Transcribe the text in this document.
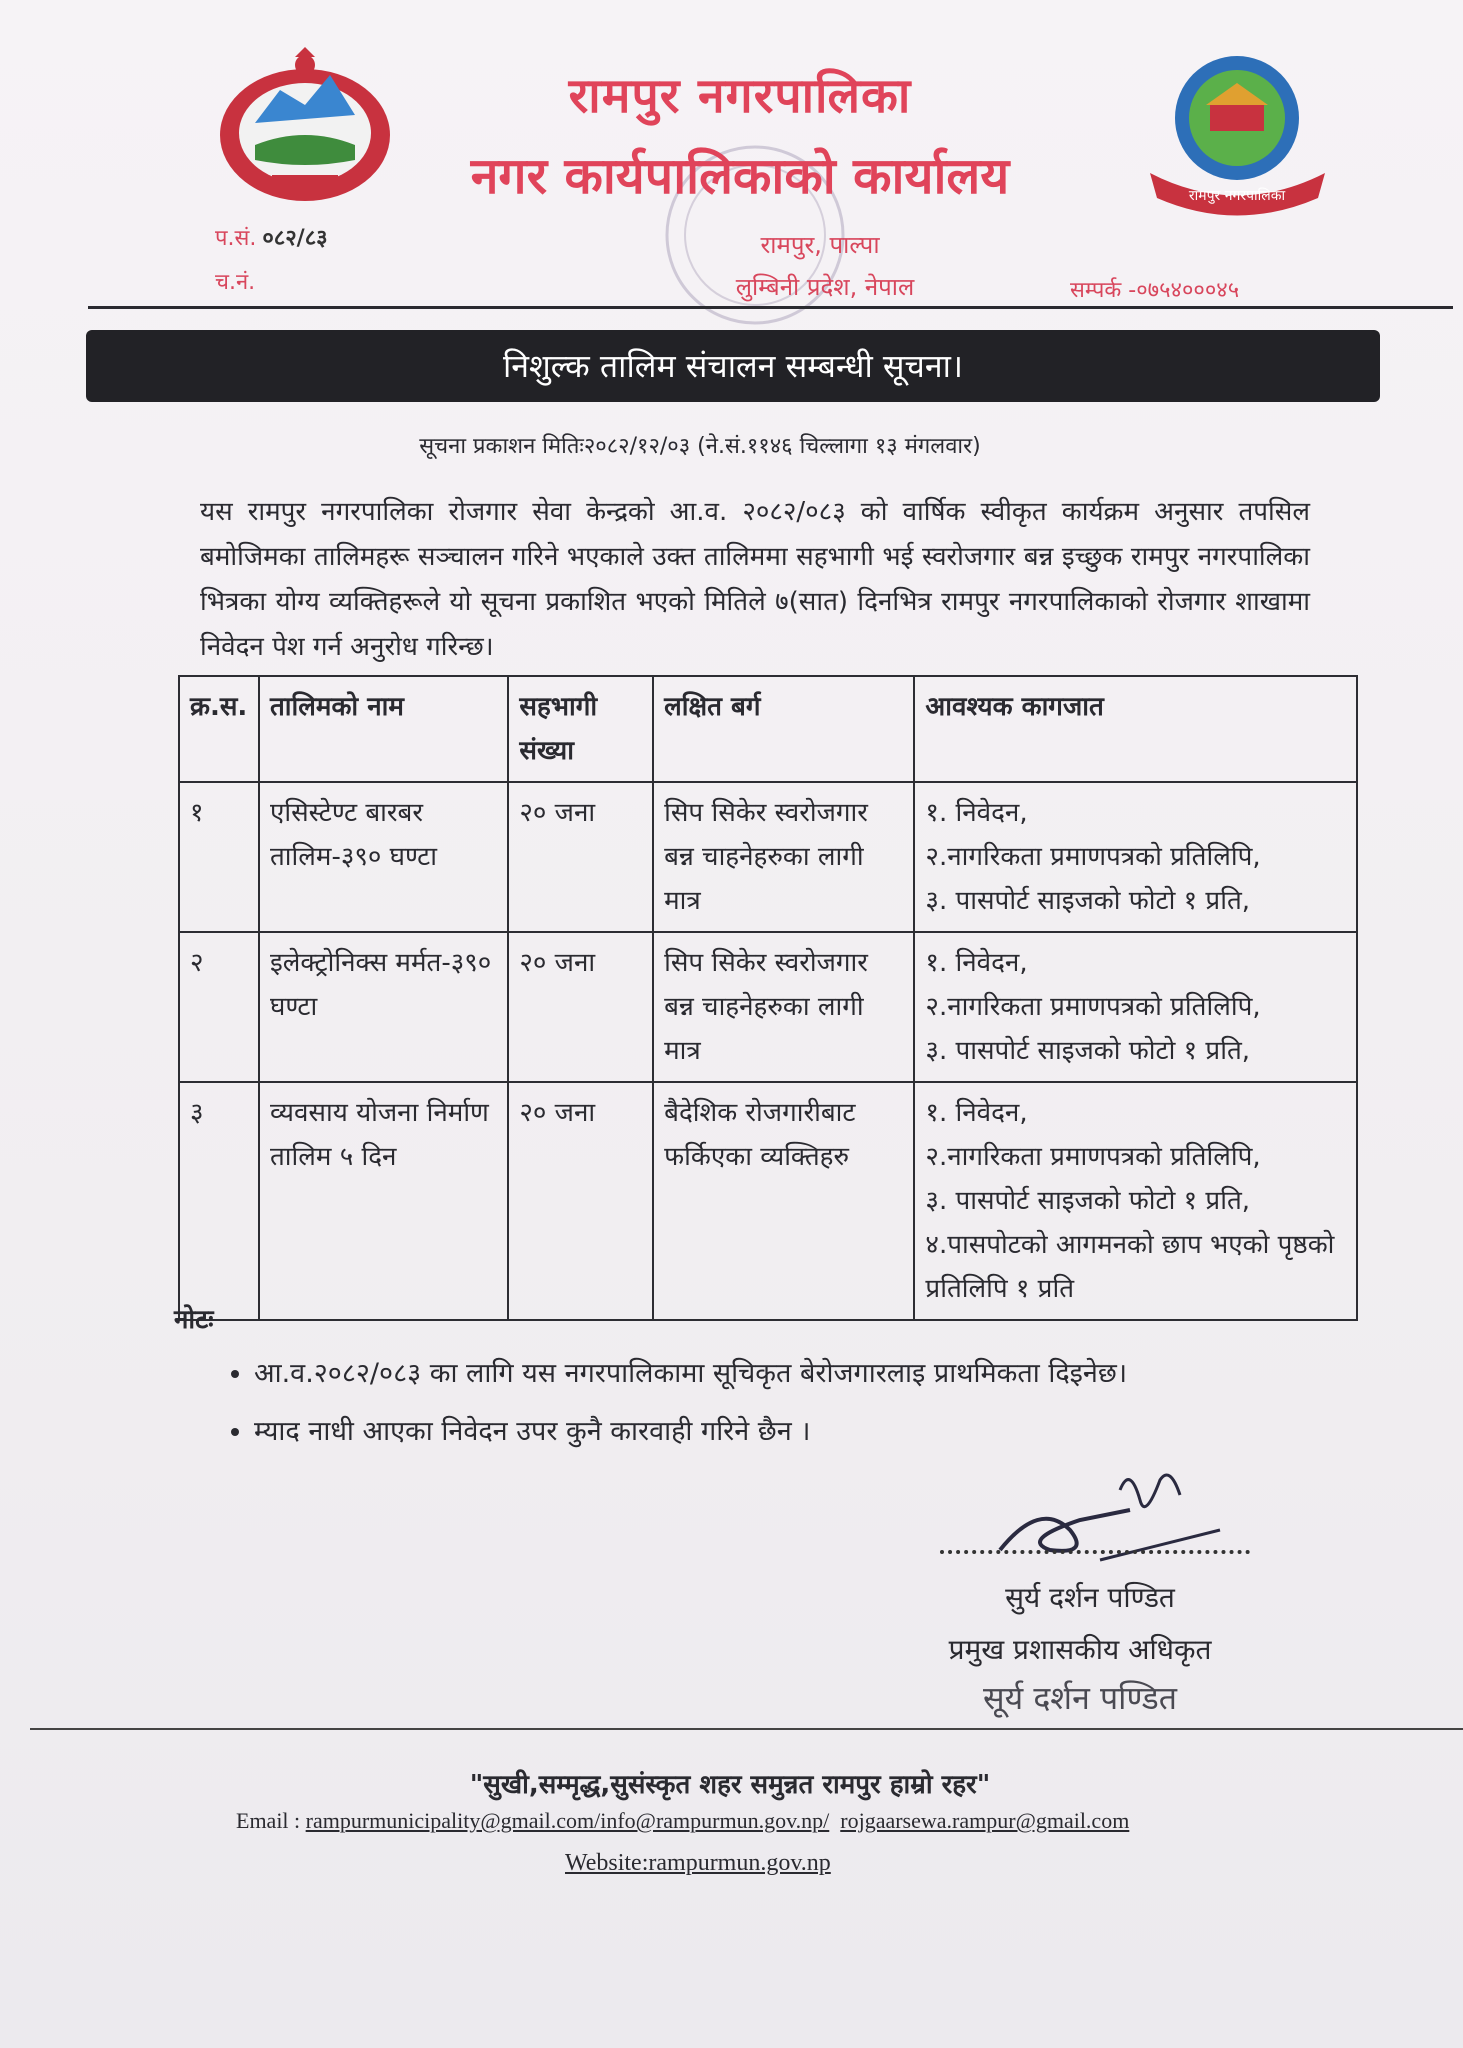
रामपुर नगरपालिका
रामपुर नगरपालिका
नगर कार्यपालिकाको कार्यालय
प.सं. ०८२/८३
च.नं.
रामपुर, पाल्पा
लुम्बिनी प्रदेश, नेपाल	सम्पर्क -०७५४०००४५
निशुल्क तालिम संचालन सम्बन्धी सूचना।
सूचना प्रकाशन मितिः२०८२/१२/०३ (ने.सं.११४६ चिल्लागा १३ मंगलवार)
यस रामपुर नगरपालिका रोजगार सेवा केन्द्रको आ.व. २०८२/०८३ को वार्षिक स्वीकृत कार्यक्रम अनुसार तपसिल बमोजिमका तालिमहरू सञ्चालन गरिने भएकाले उक्त तालिममा सहभागी भई स्वरोजगार बन्न इच्छुक रामपुर नगरपालिका भित्रका योग्य व्यक्तिहरूले यो सूचना प्रकाशित भएको मितिले ७(सात) दिनभित्र रामपुर नगरपालिकाको रोजगार शाखामा निवेदन पेश गर्न अनुरोध गरिन्छ।
क्र.स.	तालिमको नाम	सहभागी संख्या	लक्षित बर्ग	आवश्यक कागजात
१	एसिस्टेण्ट बारबर तालिम-३९० घण्टा	२० जना	सिप सिकेर स्वरोजगार बन्न चाहनेहरुका लागी मात्र	१. निवेदन,
२.नागरिकता प्रमाणपत्रको प्रतिलिपि,
३. पासपोर्ट साइजको फोटो १ प्रति,

२	इलेक्ट्रोनिक्स मर्मत-३९० घण्टा	२० जना	सिप सिकेर स्वरोजगार बन्न चाहनेहरुका लागी मात्र	१. निवेदन,
२.नागरिकता प्रमाणपत्रको प्रतिलिपि,
३. पासपोर्ट साइजको फोटो १ प्रति,

३	व्यवसाय योजना निर्माण तालिम ५ दिन	२० जना	बैदेशिक रोजगारीबाट फर्किएका व्यक्तिहरु	१. निवेदन,
२.नागरिकता प्रमाणपत्रको प्रतिलिपि,
३. पासपोर्ट साइजको फोटो १ प्रति,
४.पासपोटको आगमनको छाप भएको पृष्ठको प्रतिलिपि १ प्रति
नोटः
• आ.व.२०८२/०८३ का लागि यस नगरपालिकामा सूचिकृत बेरोजगारलाइ प्राथमिकता दिइनेछ।
• म्याद नाधी आएका निवेदन उपर कुनै कारवाही गरिने छैन ।
सुर्य दर्शन पण्डित
प्रमुख प्रशासकीय अधिकृत
सूर्य दर्शन पण्डित
"सुखी,सम्मृद्ध,सुसंस्कृत शहर समुन्नत रामपुर हाम्रो रहर"
Email : rampurmunicipality@gmail.com/info@rampurmun.gov.np/ rojgaarsewa.rampur@gmail.com
Website:rampurmun.gov.np
